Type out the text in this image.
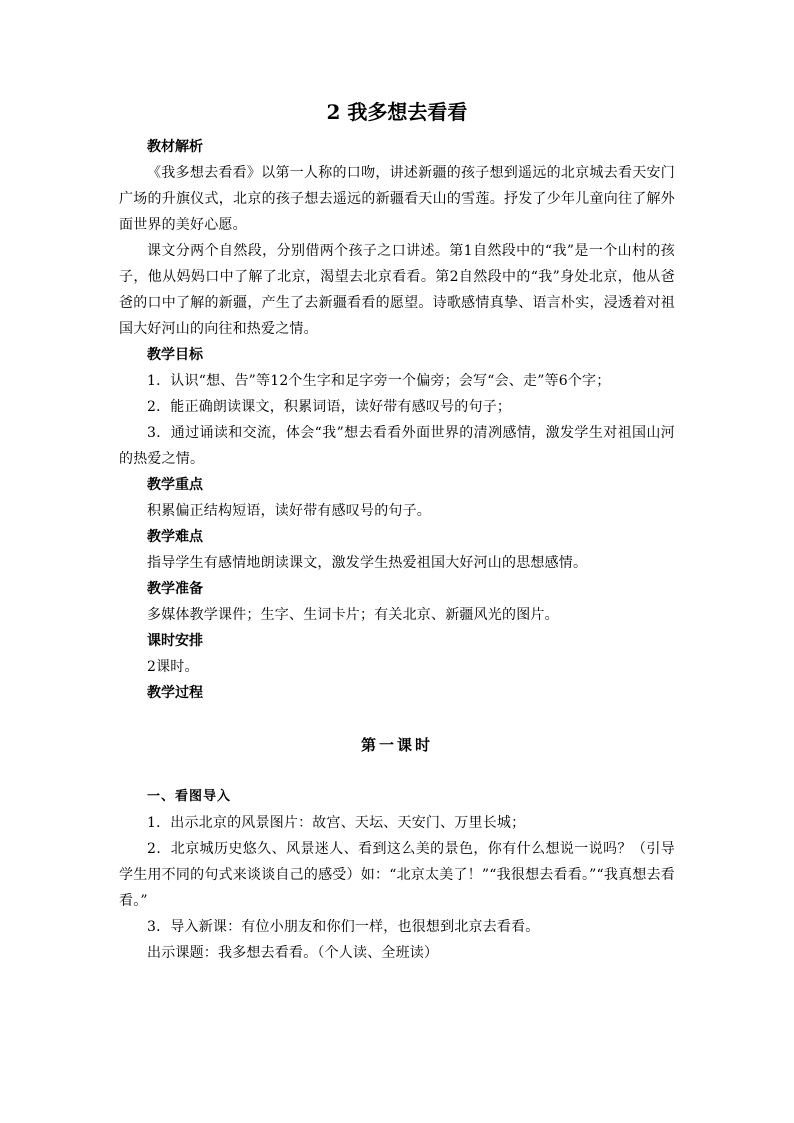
2 我多想去看看
教材解析
《我多想去看看》以第一人称的口吻，讲述新疆的孩子想到遥远的北京城去看天安门广场的升旗仪式，北京的孩子想去遥远的新疆看天山的雪莲。抒发了少年儿童向往了解外面世界的美好心愿。
课文分两个自然段，分别借两个孩子之口讲述。第1自然段中的“我”是一个山村的孩子，他从妈妈口中了解了北京，渴望去北京看看。第2自然段中的“我”身处北京，他从爸爸的口中了解的新疆，产生了去新疆看看的愿望。诗歌感情真挚、语言朴实，浸透着对祖国大好河山的向往和热爱之情。
教学目标
1．认识“想、告”等12个生字和足字旁一个偏旁；会写“会、走”等6个字；
2．能正确朗读课文，积累词语，读好带有感叹号的句子；
3．通过诵读和交流，体会“我”想去看看外面世界的清冽感情，激发学生对祖国山河的热爱之情。
教学重点
积累偏正结构短语，读好带有感叹号的句子。
教学难点
指导学生有感情地朗读课文，激发学生热爱祖国大好河山的思想感情。
教学准备
多媒体教学课件；生字、生词卡片；有关北京、新疆风光的图片。
课时安排
2课时。
教学过程
第一课时
一、看图导入
1．出示北京的风景图片：故宫、天坛、天安门、万里长城；
2．北京城历史悠久、风景迷人、看到这么美的景色，你有什么想说一说吗？（引导学生用不同的句式来谈谈自己的感受）如：“北京太美了！”“我很想去看看。”“我真想去看看。”
3．导入新课：有位小朋友和你们一样，也很想到北京去看看。
出示课题：我多想去看看。（个人读、全班读）
